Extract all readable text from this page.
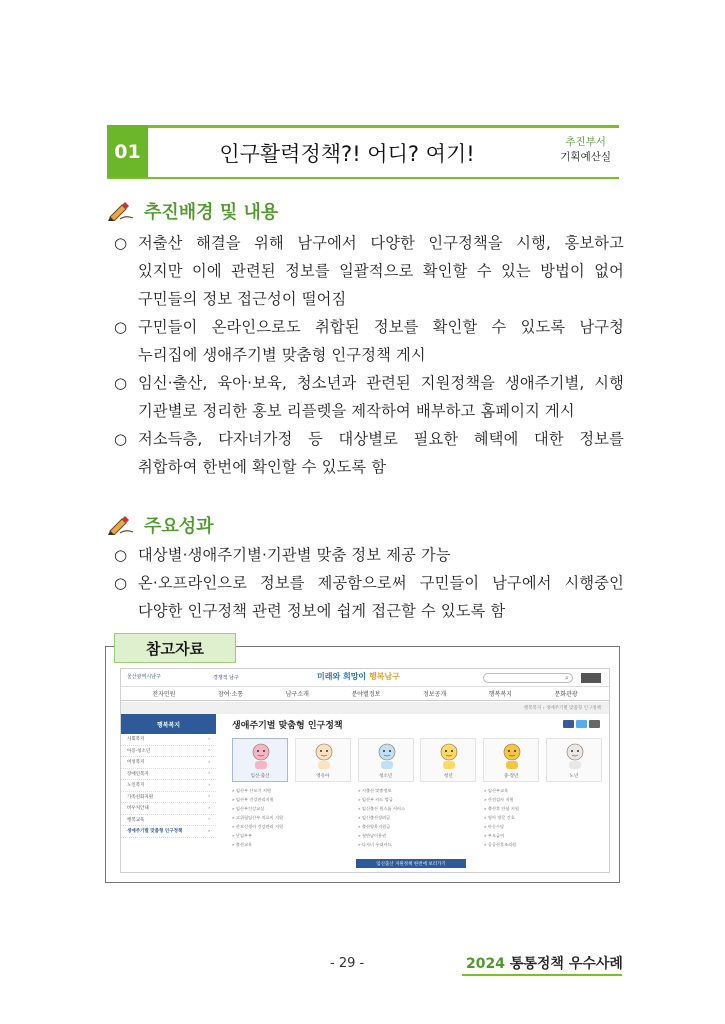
01	인구활력정책?! 어디? 여기!	추진부서
기획예산실
추진배경 및 내용
○ 저출산 해결을 위해 남구에서 다양한 인구정책을 시행, 홍보하고
있지만 이에 관련된 정보를 일괄적으로 확인할 수 있는 방법이 없어
구민들의 정보 접근성이 떨어짐
○ 구민들이 온라인으로도 취합된 정보를 확인할 수 있도록 남구청
누리집에 생애주기별 맞춤형 인구정책 게시
○ 임신·출산, 육아·보육, 청소년과 관련된 지원정책을 생애주기별, 시행
기관별로 정리한 홍보 리플렛을 제작하여 배부하고 홈페이지 게시
○ 저소득층, 다자녀가정 등 대상별로 필요한 혜택에 대한 정보를
취합하여 한번에 확인할 수 있도록 함
주요성과
○ 대상별·생애주기별·기관별 맞춤 정보 제공 가능
○ 온·오프라인으로 정보를 제공함으로써 구민들이 남구에서 시행중인
다양한 인구정책 관련 정보에 쉽게 접근할 수 있도록 함
참고자료
울산광역시남구	경쟁적 남구	미래와 희망이 행복남구	⌕
전자민원	참여·소통	남구소개	분야별정보	정보공개	행복복지	문화관광
행복복지 › 생애주기별 맞춤형 인구정책
행복복지
사회복지	›
아동·청소년	›
여성복지	›
장애인복지	›
노인복지	›
가족친화지원	›
비우처안내	›
행복교육	›
생애주기별 맞춤형 인구정책	›
생애주기별 맞춤형 인구정책
임신·출산	영유아	청소년	청년	중·장년	노년
» 임산부 산모기 지원
» 임산부 건강관리지원
» 임산부건강교실
» 고위험임산부 의료비 지원
» 산모신생아 건강관리 지원
» 난임부부
» 출산교육
» 저출산 맞춤정보
» 임산부 카드 발급
» 임신출산 원스톱 서비스
» 임신출산장려금
» 출산양육지원금
» 첫만남이용권
» 다자녀 우대카드
» 임산부교육
» 산전검사 지원
» 출산후 안심 지원
» 영아 방문 간호
» 아동수당
» 부모급여
» 공공산후조리원
임신출산 지원정책 한번에 보러가기
- 29 -	2024 통통정책 우수사례
